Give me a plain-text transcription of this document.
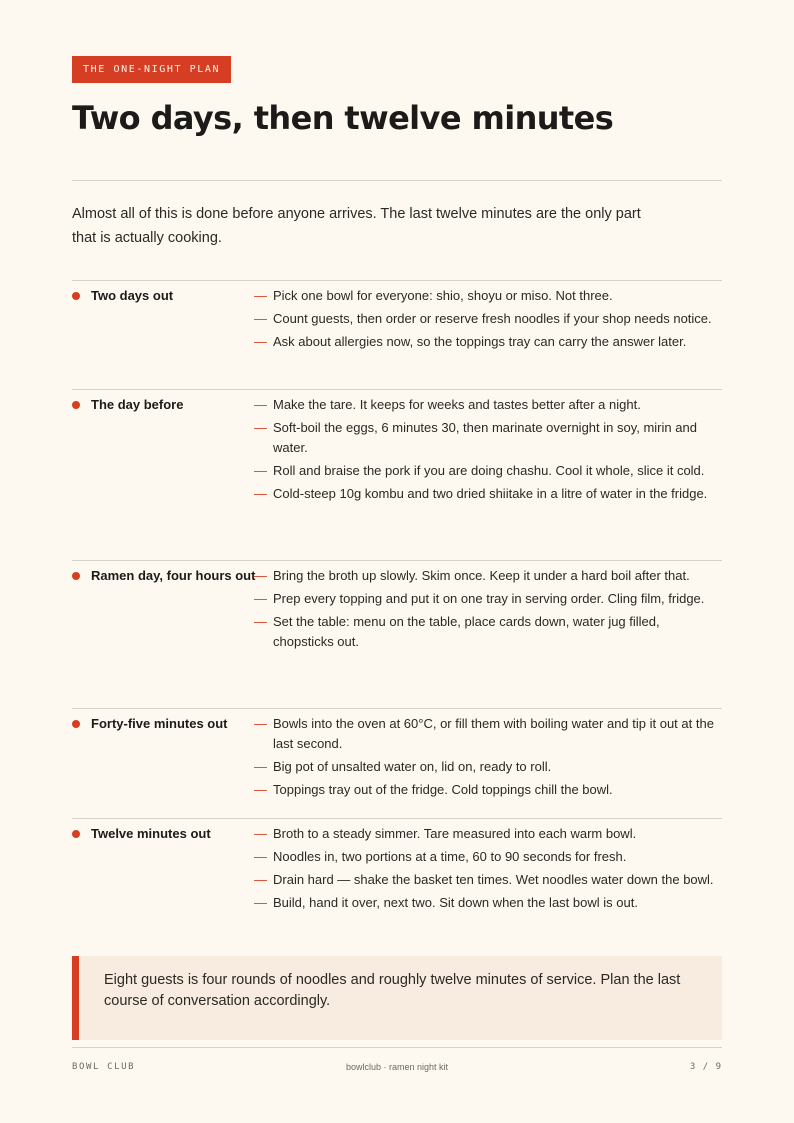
THE ONE-NIGHT PLAN
Two days, then twelve minutes

Almost all of this is done before anyone arrives. The last twelve minutes are the only part that is actually cooking.

Two days out	— Pick one bowl for everyone: shio, shoyu or miso. Not three.
— Count guests, then order or reserve fresh noodles if your shop needs notice.
— Ask about allergies now, so the toppings tray can carry the answer later.
The day before	— Make the tare. It keeps for weeks and tastes better after a night.
— Soft-boil the eggs, 6 minutes 30, then marinate overnight in soy, mirin and water.
— Roll and braise the pork if you are doing chashu. Cool it whole, slice it cold.
— Cold-steep 10g kombu and two dried shiitake in a litre of water in the fridge.
Ramen day, four hours out
— Bring the broth up slowly. Skim once. Keep it under a hard boil after that.
— Prep every topping and put it on one tray in serving order. Cling film, fridge.
— Set the table: menu on the table, place cards down, water jug filled, chopsticks out.
Forty-five minutes out	— Bowls into the oven at 60°C, or fill them with boiling water and tip it out at the last second.
— Big pot of unsalted water on, lid on, ready to roll.
— Toppings tray out of the fridge. Cold toppings chill the bowl.
Twelve minutes out	— Broth to a steady simmer. Tare measured into each warm bowl.
— Noodles in, two portions at a time, 60 to 90 seconds for fresh.
— Drain hard — shake the basket ten times. Wet noodles water down the bowl.
— Build, hand it over, next two. Sit down when the last bowl is out.
Eight guests is four rounds of noodles and roughly twelve minutes of service. Plan the last course of conversation accordingly.
BOWL CLUB	bowlclub · ramen night kit	3 / 9
